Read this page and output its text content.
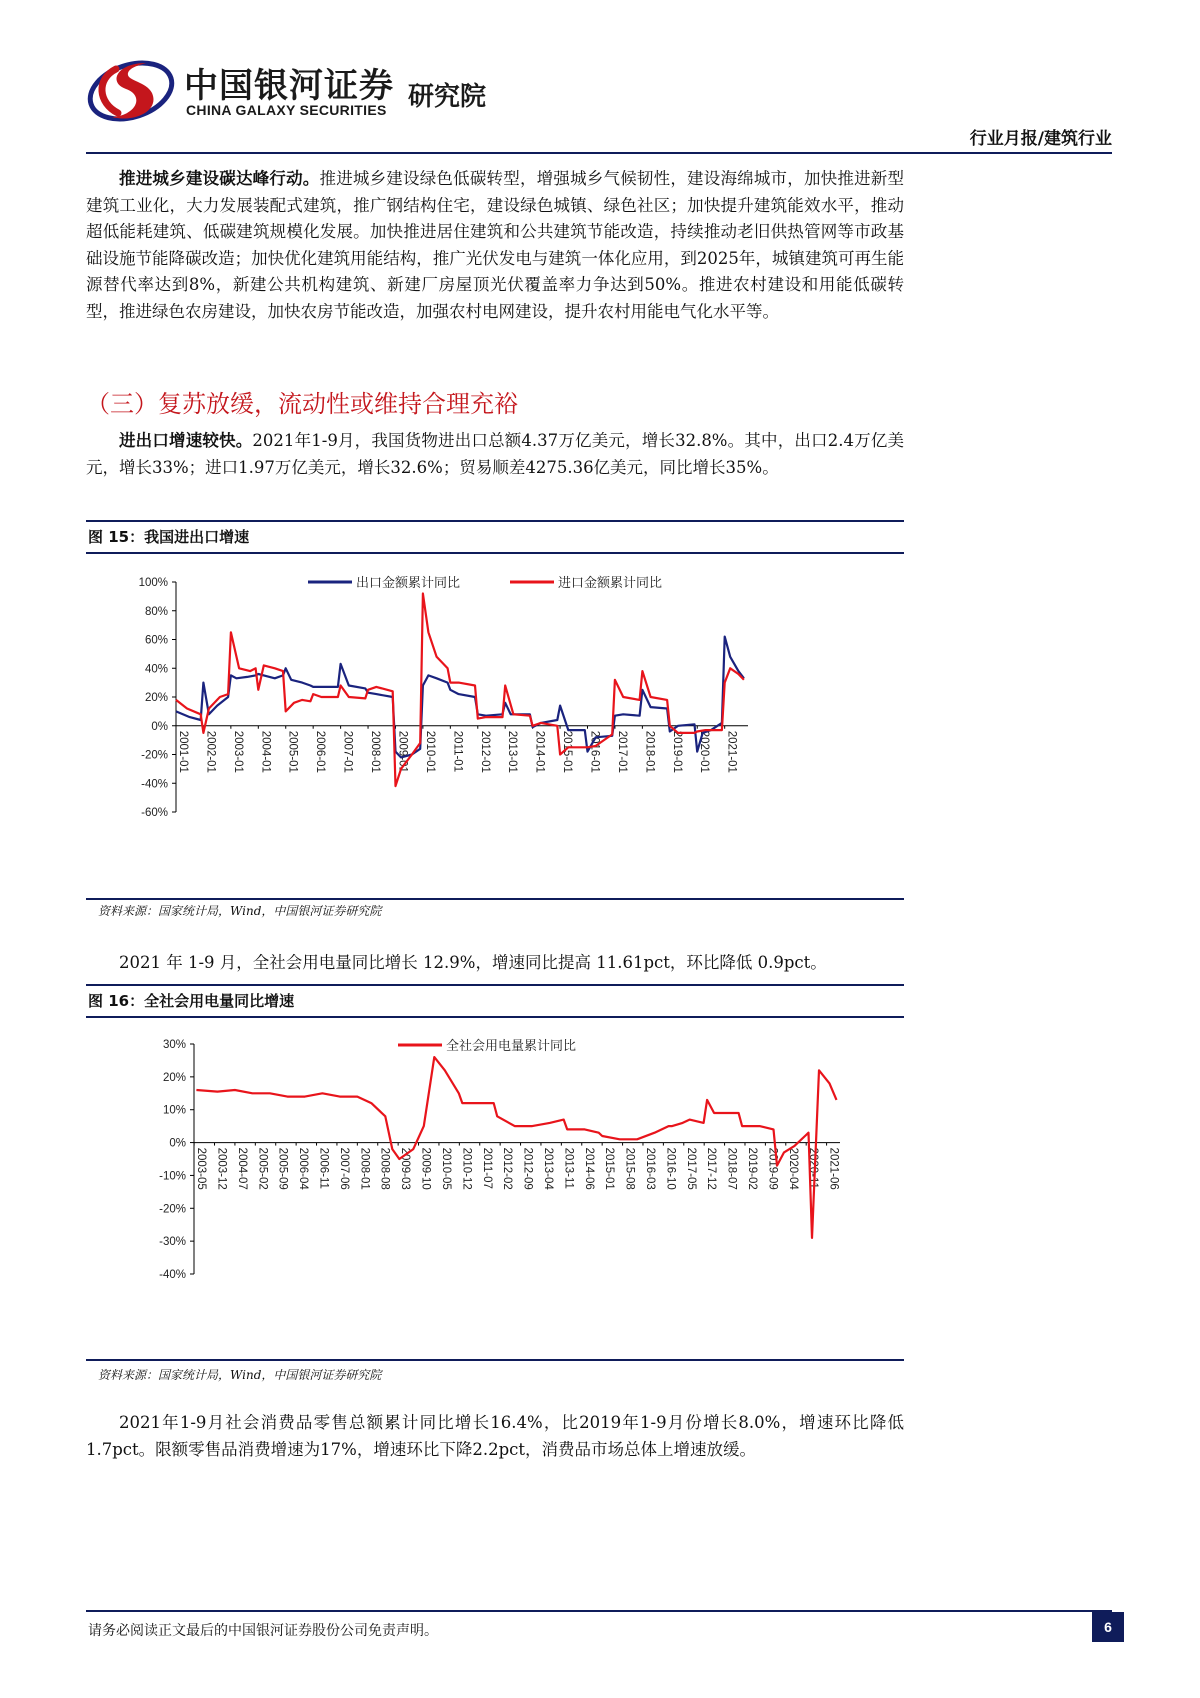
中国银河证券
CHINA GALAXY SECURITIES 研究院
行业月报/建筑行业
推进城乡建设碳达峰行动。推进城乡建设绿色低碳转型，增强城乡气候韧性，建设海绵城市，加快推进新型建筑工业化，大力发展装配式建筑，推广钢结构住宅，建设绿色城镇、绿色社区；加快提升建筑能效水平，推动超低能耗建筑、低碳建筑规模化发展。加快推进居住建筑和公共建筑节能改造，持续推动老旧供热管网等市政基础设施节能降碳改造；加快优化建筑用能结构，推广光伏发电与建筑一体化应用，到2025年，城镇建筑可再生能源替代率达到8%，新建公共机构建筑、新建厂房屋顶光伏覆盖率力争达到50%。推进农村建设和用能低碳转型，推进绿色农房建设，加快农房节能改造，加强农村电网建设，提升农村用能电气化水平等。
（三）复苏放缓，流动性或维持合理充裕
进出口增速较快。2021年1-9月，我国货物进出口总额4.37万亿美元，增长32.8%。其中，出口2.4万亿美元，增长33%；进口1.97万亿美元，增长32.6%；贸易顺差4275.36亿美元，同比增长35%。
图 15：我国进出口增速
出口金额累计同比	进口金额累计同比
100%
80%
60%
40%
20%
0%
-20%
-40%
-60%
2001-01 2002-01 2003-01 2004-01 2005-01 2006-01 2007-01 2008-01 2009-01 2010-01 2011-01 2012-01 2013-01 2014-01 2015-01 2016-01 2017-01 2018-01 2019-01 2020-01 2021-01
资料来源：国家统计局，Wind，中国银河证券研究院
2021 年 1-9 月，全社会用电量同比增长 12.9%，增速同比提高 11.61pct，环比降低 0.9pct。
图 16：全社会用电量同比增速
全社会用电量累计同比
30%
20%
10%
0%
-10%
-20%
-30%
-40%
2003-05 2003-12 2004-07 2005-02 2005-09 2006-04 2006-11 2007-06 2008-01 2008-08 2009-03 2009-10 2010-05 2010-12 2011-07 2012-02 2012-09 2013-04 2013-11 2014-06 2015-01 2015-08 2016-03 2016-10 2017-05 2017-12 2018-07 2019-02 2019-09 2020-04 2020-11 2021-06
资料来源：国家统计局，Wind，中国银河证券研究院
2021年1-9月社会消费品零售总额累计同比增长16.4%，比2019年1-9月份增长8.0%，增速环比降低1.7pct。限额零售品消费增速为17%，增速环比下降2.2pct，消费品市场总体上增速放缓。
请务必阅读正文最后的中国银河证券股份公司免责声明。	6
